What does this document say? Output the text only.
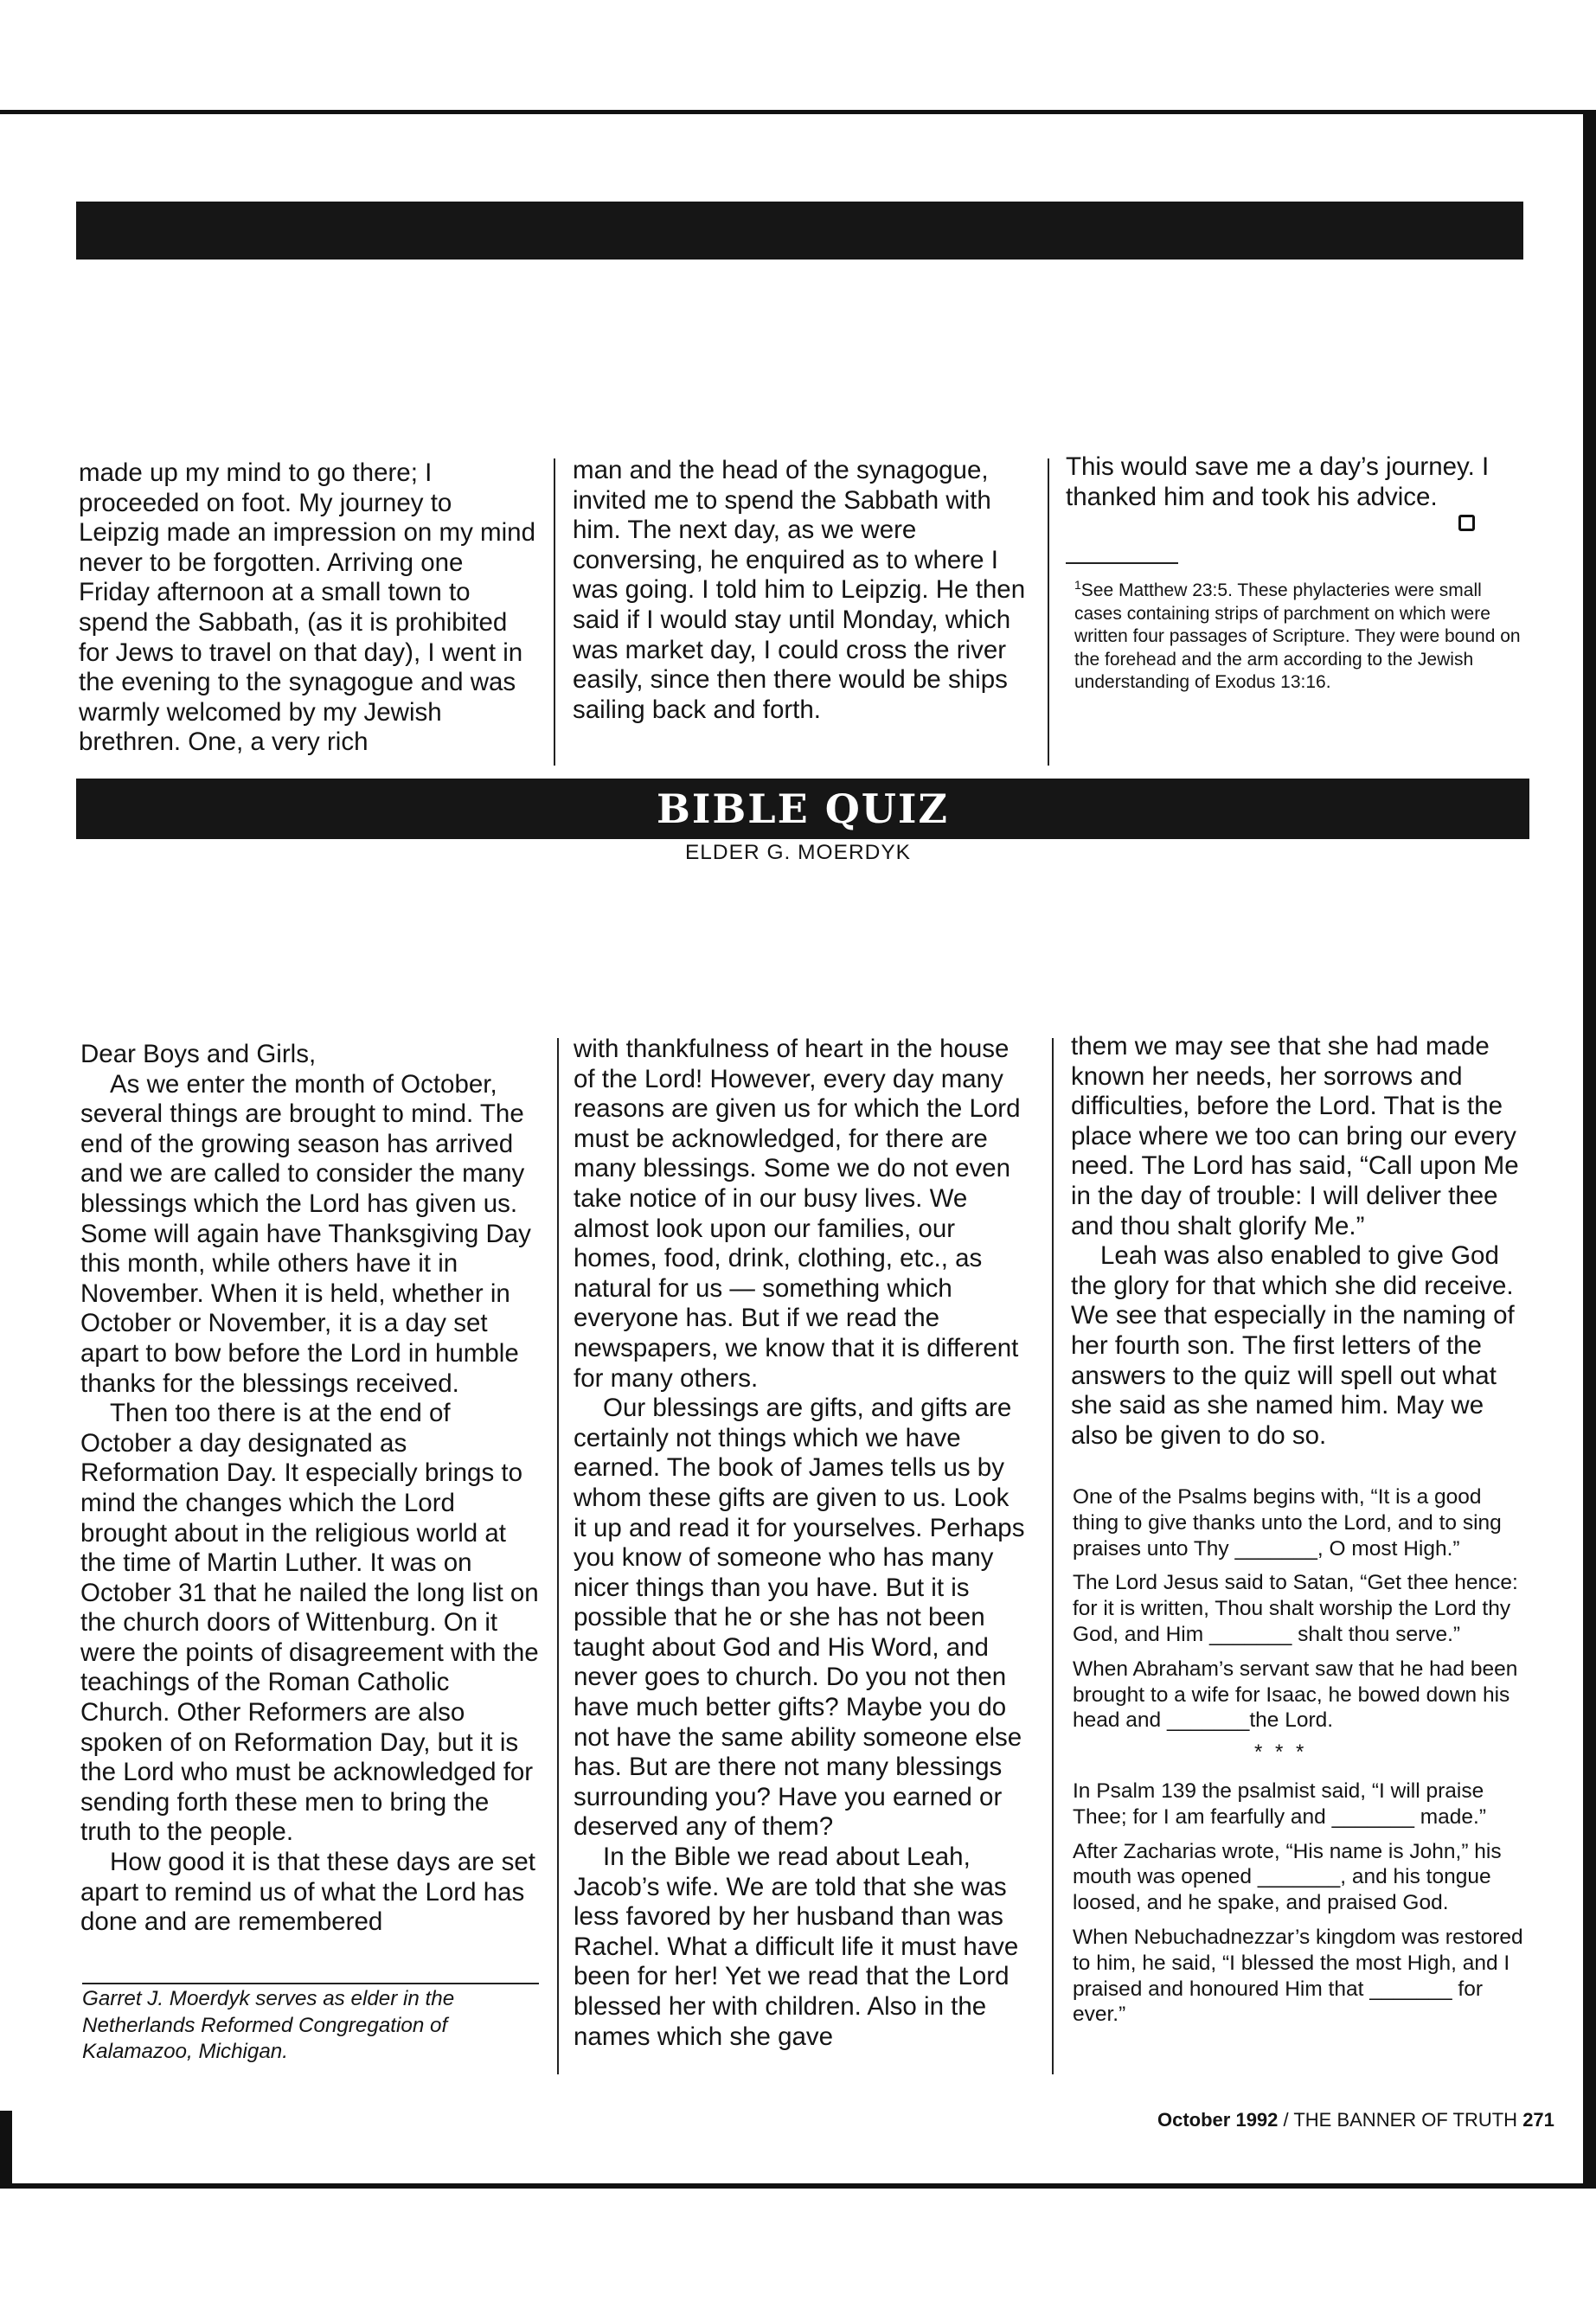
made up my mind to go there; I proceeded on foot. My journey to Leipzig made an impression on my mind never to be forgotten. Arriving one Friday afternoon at a small town to spend the Sabbath, (as it is prohibited for Jews to travel on that day), I went in the evening to the synagogue and was warmly welcomed by my Jewish brethren. One, a very rich

man and the head of the synagogue, invited me to spend the Sabbath with him. The next day, as we were conversing, he enquired as to where I was going. I told him to Leipzig. He then said if I would stay until Monday, which was market day, I could cross the river easily, since then there would be ships sailing back and forth.

This would save me a day’s journey. I thanked him and took his advice.

$^1$See Matthew 23:5. These phylacteries were small cases containing strips of parchment on which were written four passages of Scripture. They were bound on the forehead and the arm according to the Jewish understanding of Exodus 13:16.
BIBLE QUIZ
ELDER G. MOERDYK

Dear Boys and Girls,

As we enter the month of October, several things are brought to mind. The end of the growing season has arrived and we are called to consider the many blessings which the Lord has given us. Some will again have Thanksgiving Day this month, while others have it in November. When it is held, whether in October or November, it is a day set apart to bow before the Lord in humble thanks for the blessings received.

Then too there is at the end of October a day designated as Reformation Day. It especially brings to mind the changes which the Lord brought about in the religious world at the time of Martin Luther. It was on October 31 that he nailed the long list on the church doors of Wittenburg. On it were the points of disagreement with the teachings of the Roman Catholic Church. Other Reformers are also spoken of on Reformation Day, but it is the Lord who must be acknowledged for sending forth these men to bring the truth to the people.

How good it is that these days are set apart to remind us of what the Lord has done and are remembered

Garret J. Moerdyk serves as elder in the Netherlands Reformed Congregation of Kalamazoo, Michigan.

with thankfulness of heart in the house of the Lord! However, every day many reasons are given us for which the Lord must be acknowledged, for there are many blessings. Some we do not even take notice of in our busy lives. We almost look upon our families, our homes, food, drink, clothing, etc., as natural for us — something which everyone has. But if we read the newspapers, we know that it is different for many others.

Our blessings are gifts, and gifts are certainly not things which we have earned. The book of James tells us by whom these gifts are given to us. Look it up and read it for yourselves. Perhaps you know of someone who has many nicer things than you have. But it is possible that he or she has not been taught about God and His Word, and never goes to church. Do you not then have much better gifts? Maybe you do not have the same ability someone else has. But are there not many blessings surrounding you? Have you earned or deserved any of them?

In the Bible we read about Leah, Jacob’s wife. We are told that she was less favored by her husband than was Rachel. What a difficult life it must have been for her! Yet we read that the Lord blessed her with children. Also in the names which she gave

them we may see that she had made known her needs, her sorrows and difficulties, before the Lord. That is the place where we too can bring our every need. The Lord has said, “Call upon Me in the day of trouble: I will deliver thee and thou shalt glorify Me.”

Leah was also enabled to give God the glory for that which she did receive. We see that especially in the naming of her fourth son. The first letters of the answers to the quiz will spell out what she said as she named him. May we also be given to do so.

One of the Psalms begins with, “It is a good thing to give thanks unto the Lord, and to sing praises unto Thy _______, O most High.”

The Lord Jesus said to Satan, “Get thee hence: for it is written, Thou shalt worship the Lord thy God, and Him _______ shalt thou serve.”

When Abraham’s servant saw that he had been brought to a wife for Isaac, he bowed down his head and _______the Lord.

* * *

In Psalm 139 the psalmist said, “I will praise Thee; for I am fearfully and _______ made.”

After Zacharias wrote, “His name is John,” his mouth was opened _______, and his tongue loosed, and he spake, and praised God.

When Nebuchadnezzar’s kingdom was restored to him, he said, “I blessed the most High, and I praised and honoured Him that _______ for ever.”

October 1992 / THE BANNER OF TRUTH 271
